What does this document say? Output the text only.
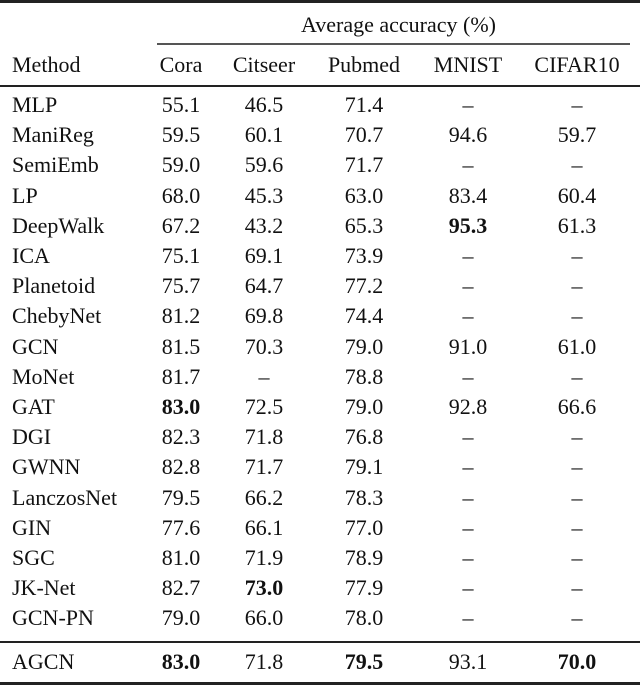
Average accuracy (%)
Method	Cora	Citseer	Pubmed	MNIST	CIFAR10
MLP	55.1	46.5	71.4	–	–
ManiReg	59.5	60.1	70.7	94.6	59.7
SemiEmb	59.0	59.6	71.7	–	–
LP	68.0	45.3	63.0	83.4	60.4
DeepWalk	67.2	43.2	65.3	95.3	61.3
ICA	75.1	69.1	73.9	–	–
Planetoid	75.7	64.7	77.2	–	–
ChebyNet	81.2	69.8	74.4	–	–
GCN	81.5	70.3	79.0	91.0	61.0
MoNet	81.7	–	78.8	–	–
GAT	83.0	72.5	79.0	92.8	66.6
DGI	82.3	71.8	76.8	–	–
GWNN	82.8	71.7	79.1	–	–
LanczosNet	79.5	66.2	78.3	–	–
GIN	77.6	66.1	77.0	–	–
SGC	81.0	71.9	78.9	–	–
JK-Net	82.7	73.0	77.9	–	–
GCN-PN	79.0	66.0	78.0	–	–
AGCN	83.0	71.8	79.5	93.1	70.0
